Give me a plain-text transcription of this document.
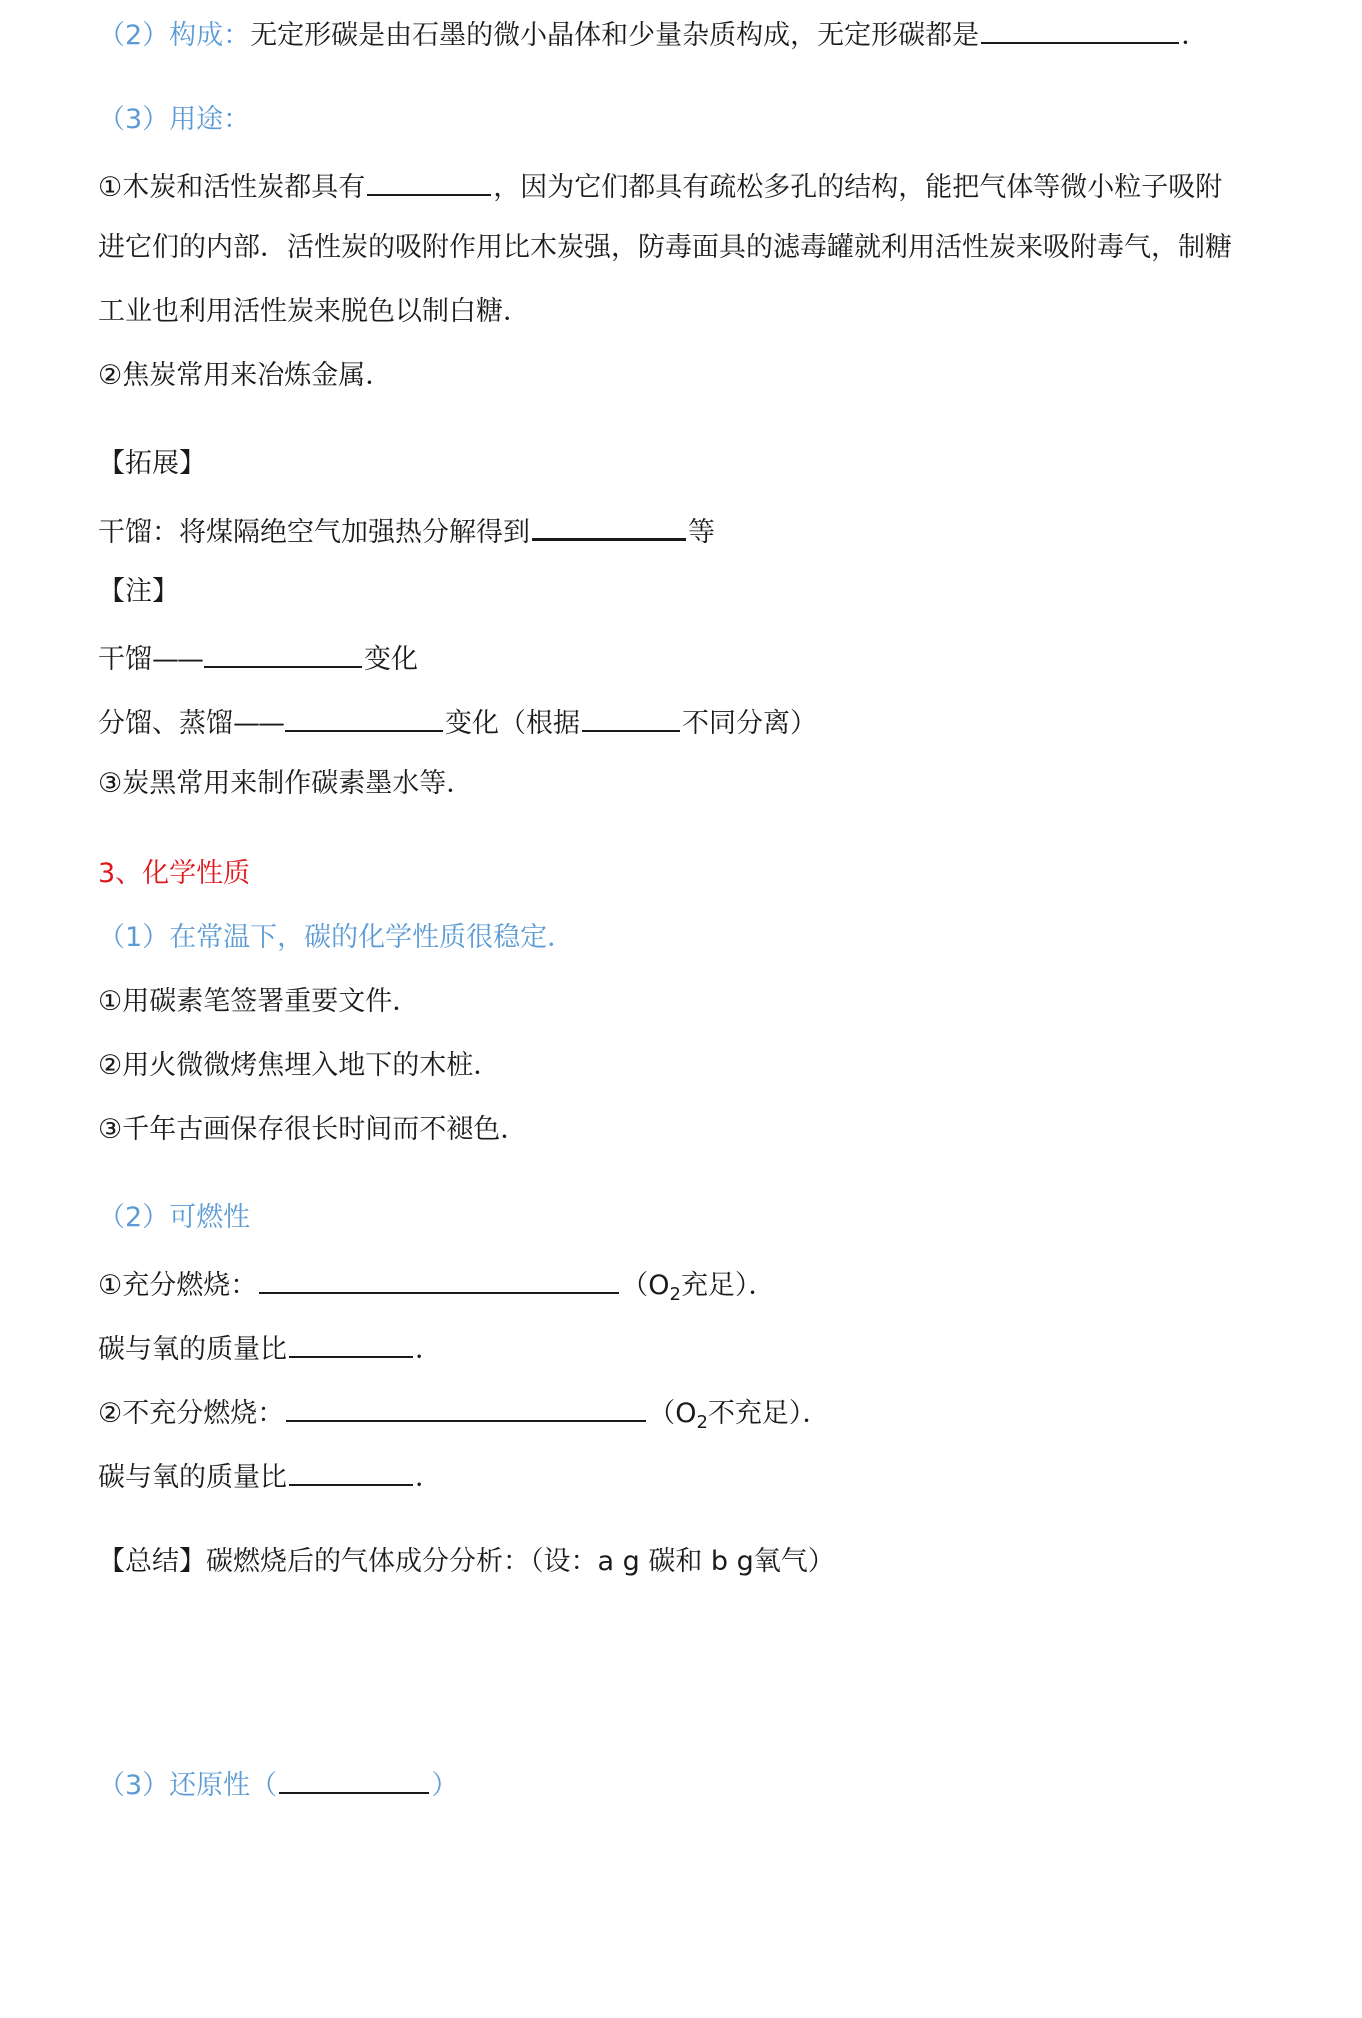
（2）构成：无定形碳是由石墨的微小晶体和少量杂质构成，无定形碳都是	．
（3）用途：
①木炭和活性炭都具有	，因为它们都具有疏松多孔的结构，能把气体等微小粒子吸附
进它们的内部．活性炭的吸附作用比木炭强，防毒面具的滤毒罐就利用活性炭来吸附毒气，制糖
工业也利用活性炭来脱色以制白糖．
②焦炭常用来冶炼金属．
【拓展】
干馏：将煤隔绝空气加强热分解得到	等
【注】
干馏——	变化
分馏、蒸馏——	变化（根据	不同分离）
③炭黑常用来制作碳素墨水等．
3、化学性质
（1）在常温下，碳的化学性质很稳定．
①用碳素笔签署重要文件．
②用火微微烤焦埋入地下的木桩．
③千年古画保存很长时间而不褪色．
（2）可燃性
①充分燃烧：	（$O_2$充足）．
碳与氧的质量比	．
②不充分燃烧：	（$O_2$不充足）．
碳与氧的质量比	．
【总结】碳燃烧后的气体成分分析：（设：a g 碳和 b g氧气）
（3）还原性（	）
